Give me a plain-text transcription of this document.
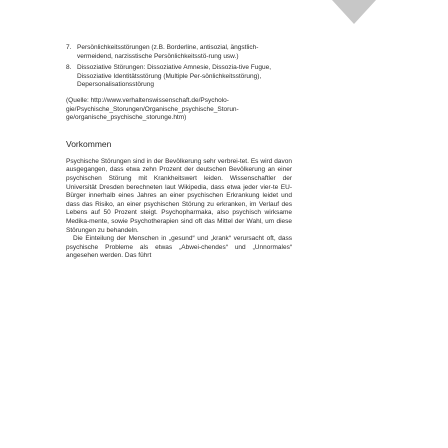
7. Persönlichkeitsstörungen (z.B. Borderline, antisozial, ängstlich-vermeidend, narzisstische Persönlichkeitsstö-rung usw.)
8. Dissoziative Störungen: Dissoziative Amnesie, Dissozia-tive Fugue, Dissoziative Identitätsstörung (Multiple Per-sönlichkeitsstörung), Depersonalisationsstörung
(Quelle: http://www.verhaltenswissenschaft.de/Psycholo-gie/Psychische_Storungen/Organische_psychische_Storun-ge/organische_psychische_storunge.htm)
Vorkommen
Psychische Störungen sind in der Bevölkerung sehr verbrei-tet. Es wird davon ausgegangen, dass etwa zehn Prozent der deutschen Bevölkerung an einer psychischen Störung mit Krankheitswert leiden. Wissenschaftler der Universität Dresden berechneten laut Wikipedia, dass etwa jeder vier-te EU-Bürger innerhalb eines Jahres an einer psychischen Erkrankung leidet und dass das Risiko, an einer psychischen Störung zu erkranken, im Verlauf des Lebens auf 50 Prozent steigt. Psychopharmaka, also psychisch wirksame Medika-mente, sowie Psychotherapien sind oft das Mittel der Wahl, um diese Störungen zu behandeln.
Die Einteilung der Menschen in „gesund“ und „krank“ verursacht oft, dass psychische Probleme als etwas „Abwei-chendes“ und „Unnormales“ angesehen werden. Das führt
